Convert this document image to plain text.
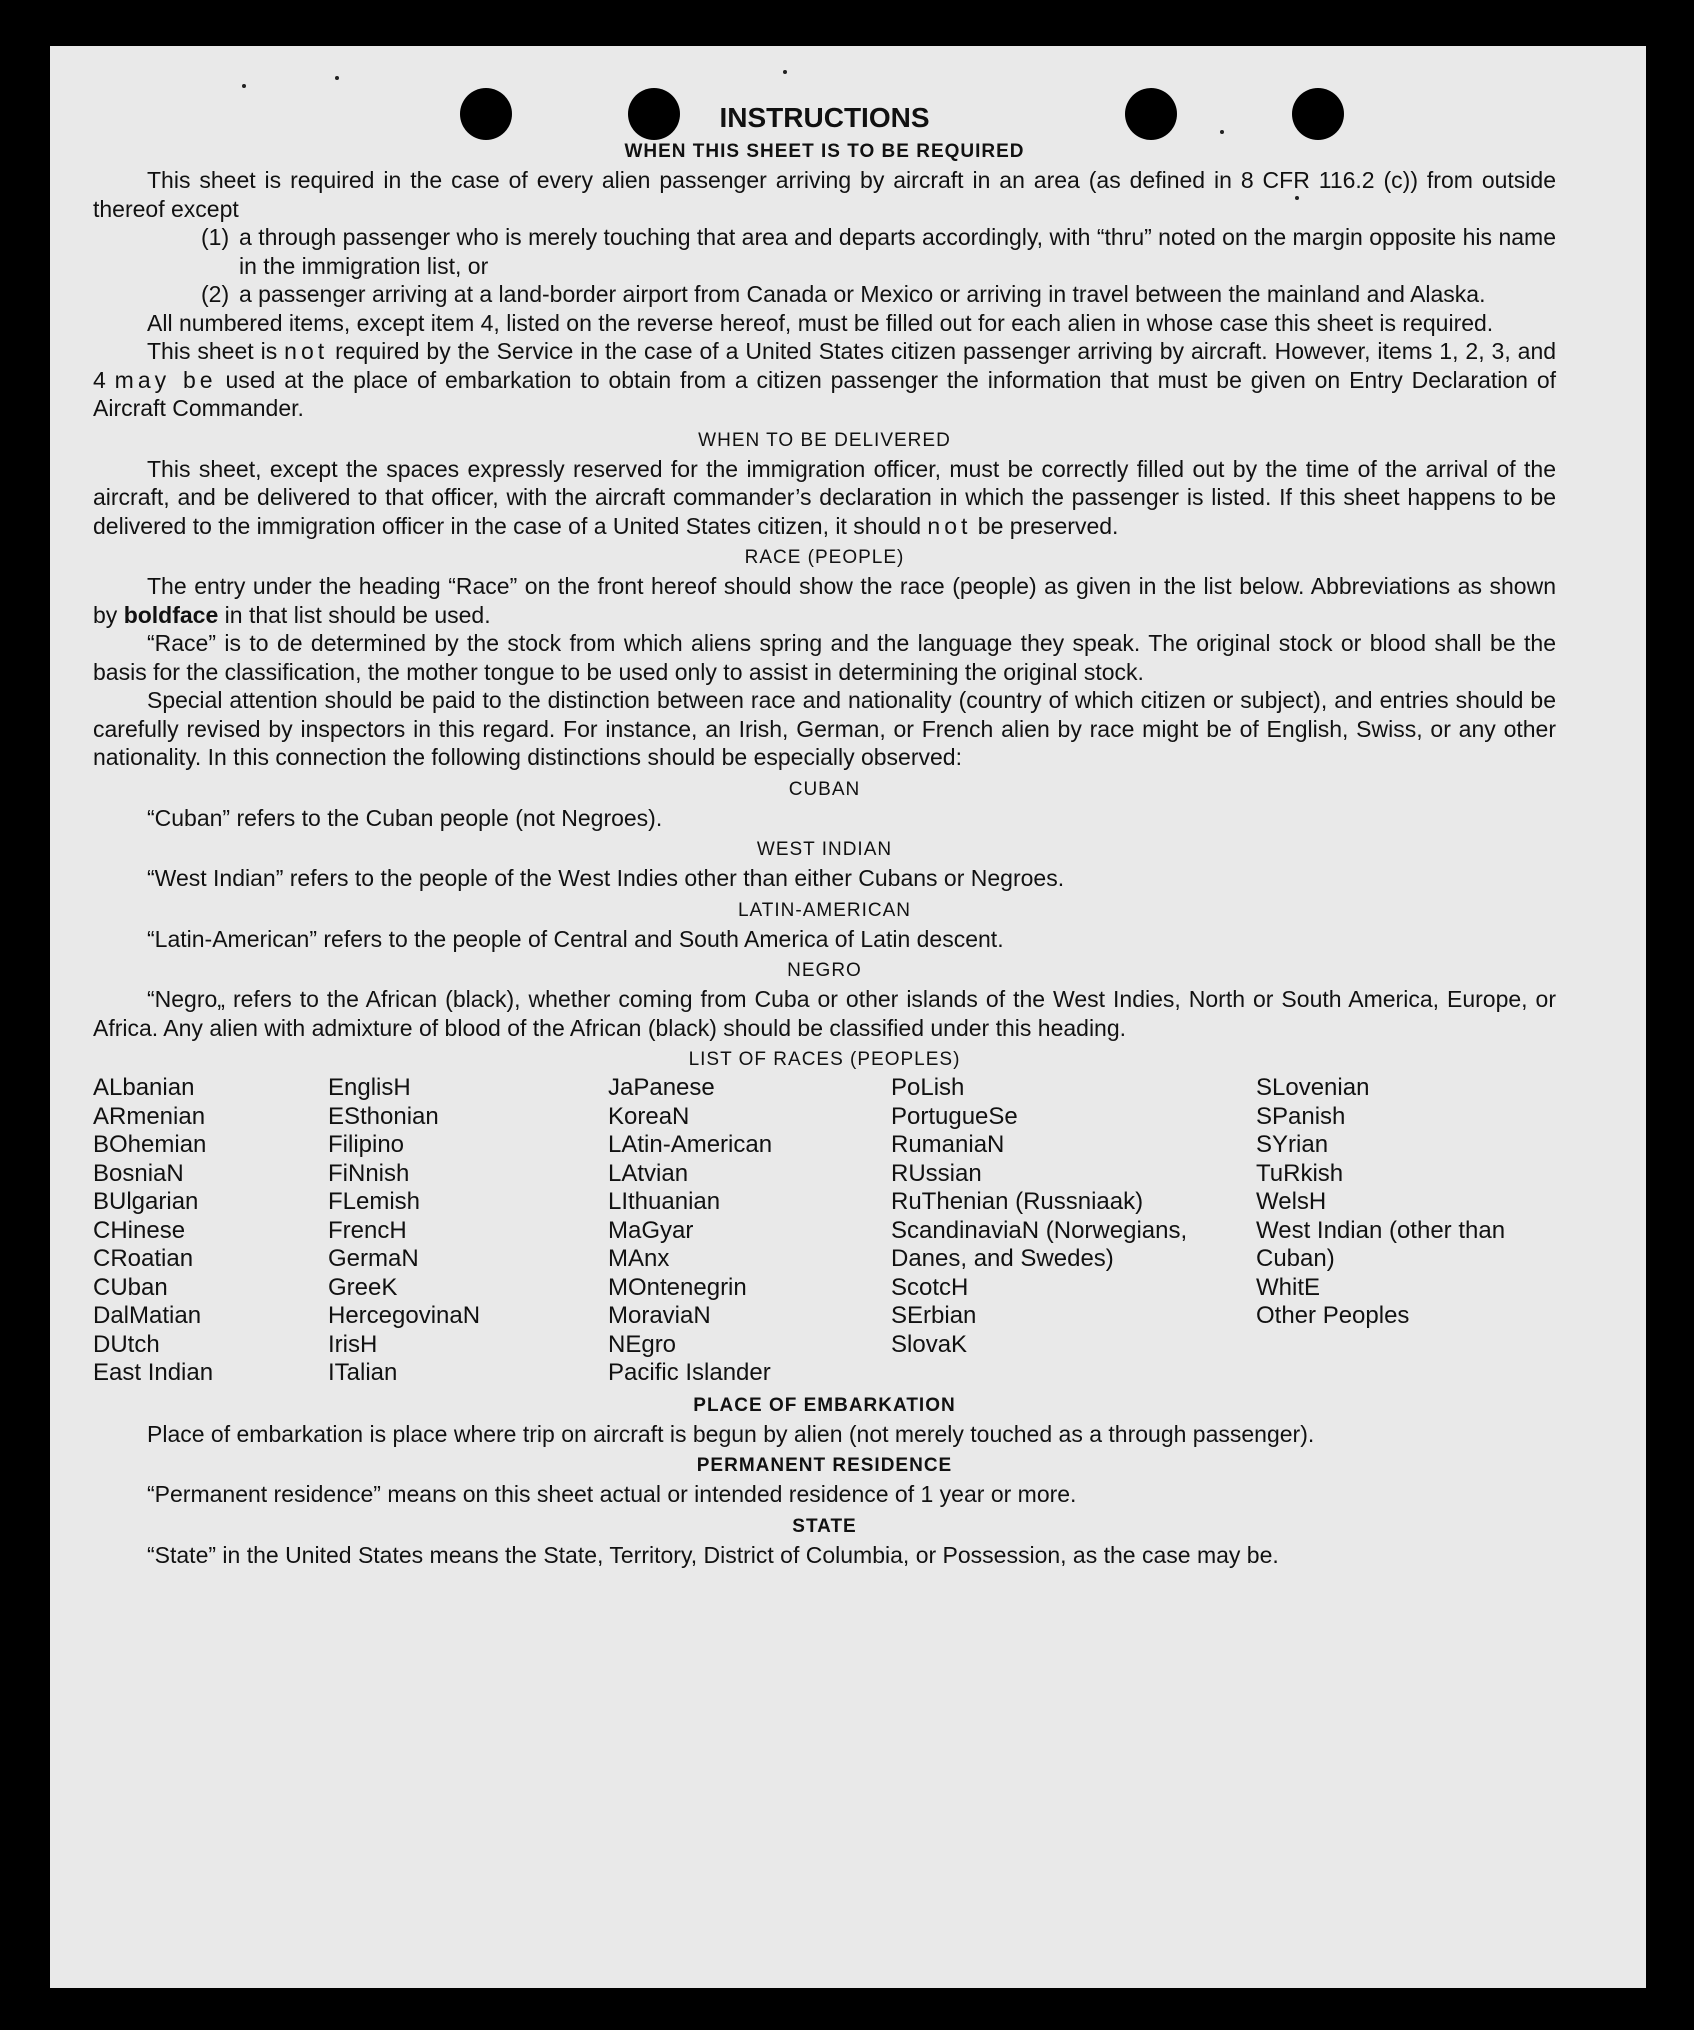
INSTRUCTIONS
WHEN THIS SHEET IS TO BE REQUIRED

This sheet is required in the case of every alien passenger arriving by aircraft in an area (as defined in 8 CFR 116.2 (c)) from outside thereof except

(1) a through passenger who is merely touching that area and departs accordingly, with “thru” noted on the margin opposite his name in the immigration list, or
(2) a passenger arriving at a land-border airport from Canada or Mexico or arriving in travel between the mainland and Alaska.

All numbered items, except item 4, listed on the reverse hereof, must be filled out for each alien in whose case this sheet is required.

This sheet is not required by the Service in the case of a United States citizen passenger arriving by aircraft. However, items 1, 2, 3, and 4 may be used at the place of embarkation to obtain from a citizen passenger the information that must be given on Entry Declaration of Aircraft Commander.

WHEN TO BE DELIVERED

This sheet, except the spaces expressly reserved for the immigration officer, must be correctly filled out by the time of the arrival of the aircraft, and be delivered to that officer, with the aircraft commander’s declaration in which the passenger is listed. If this sheet happens to be delivered to the immigration officer in the case of a United States citizen, it should not be preserved.

RACE (PEOPLE)

The entry under the heading “Race” on the front hereof should show the race (people) as given in the list below. Abbreviations as shown by boldface in that list should be used.

“Race” is to de determined by the stock from which aliens spring and the language they speak. The original stock or blood shall be the basis for the classification, the mother tongue to be used only to assist in determining the original stock.

Special attention should be paid to the distinction between race and nationality (country of which citizen or subject), and entries should be carefully revised by inspectors in this regard. For instance, an Irish, German, or French alien by race might be of English, Swiss, or any other nationality. In this connection the following distinctions should be especially observed:

CUBAN

“Cuban” refers to the Cuban people (not Negroes).

WEST INDIAN

“West Indian” refers to the people of the West Indies other than either Cubans or Negroes.

LATIN-AMERICAN

“Latin-American” refers to the people of Central and South America of Latin descent.

NEGRO

“Negro„ refers to the African (black), whether coming from Cuba or other islands of the West Indies, North or South America, Europe, or Africa. Any alien with admixture of blood of the African (black) should be classified under this heading.

LIST OF RACES (PEOPLES)
ALbanian
ARmenian
BOhemian
BosniaN
BUlgarian
CHinese
CRoatian
CUban
DalMatian
DUtch
East Indian
EnglisH
ESthonian
Filipino
FiNnish
FLemish
FrencH
GermaN
GreeK
HercegovinaN
IrisH
ITalian
JaPanese
KoreaN
LAtin-American
LAtvian
LIthuanian
MaGyar
MAnx
MOntenegrin
MoraviaN
NEgro
Pacific Islander
PoLish
PortugueSe
RumaniaN
RUssian
RuThenian (Russniaak)
ScandinaviaN (Norwegians, Danes, and Swedes)
ScotcH
SErbian
SlovaK
SLovenian
SPanish
SYrian
TuRkish
WelsH
West Indian (other than Cuban)
WhitE
Other Peoples
PLACE OF EMBARKATION

Place of embarkation is place where trip on aircraft is begun by alien (not merely touched as a through passenger).

PERMANENT RESIDENCE

“Permanent residence” means on this sheet actual or intended residence of 1 year or more.

STATE

“State” in the United States means the State, Territory, District of Columbia, or Possession, as the case may be.
